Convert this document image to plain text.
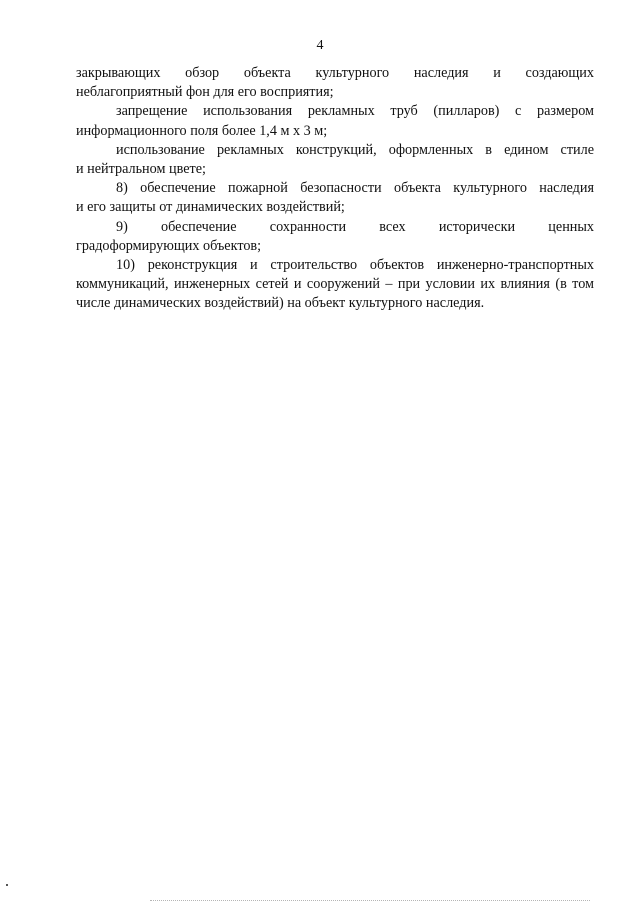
4

закрывающих обзор объекта культурного наследия и создающих
неблагоприятный фон для его восприятия;

запрещение использования рекламных труб (пилларов) с размером
информационного поля более 1,4 м х 3 м;

использование рекламных конструкций, оформленных в едином стиле
и нейтральном цвете;

8) обеспечение пожарной безопасности объекта культурного наследия
и его защиты от динамических воздействий;

9) обеспечение сохранности всех исторически ценных
градоформирующих объектов;

10) реконструкция и строительство объектов инженерно-транспортных
коммуникаций, инженерных сетей и сооружений – при условии их влияния (в том числе динамических воздействий) на объект культурного наследия.
